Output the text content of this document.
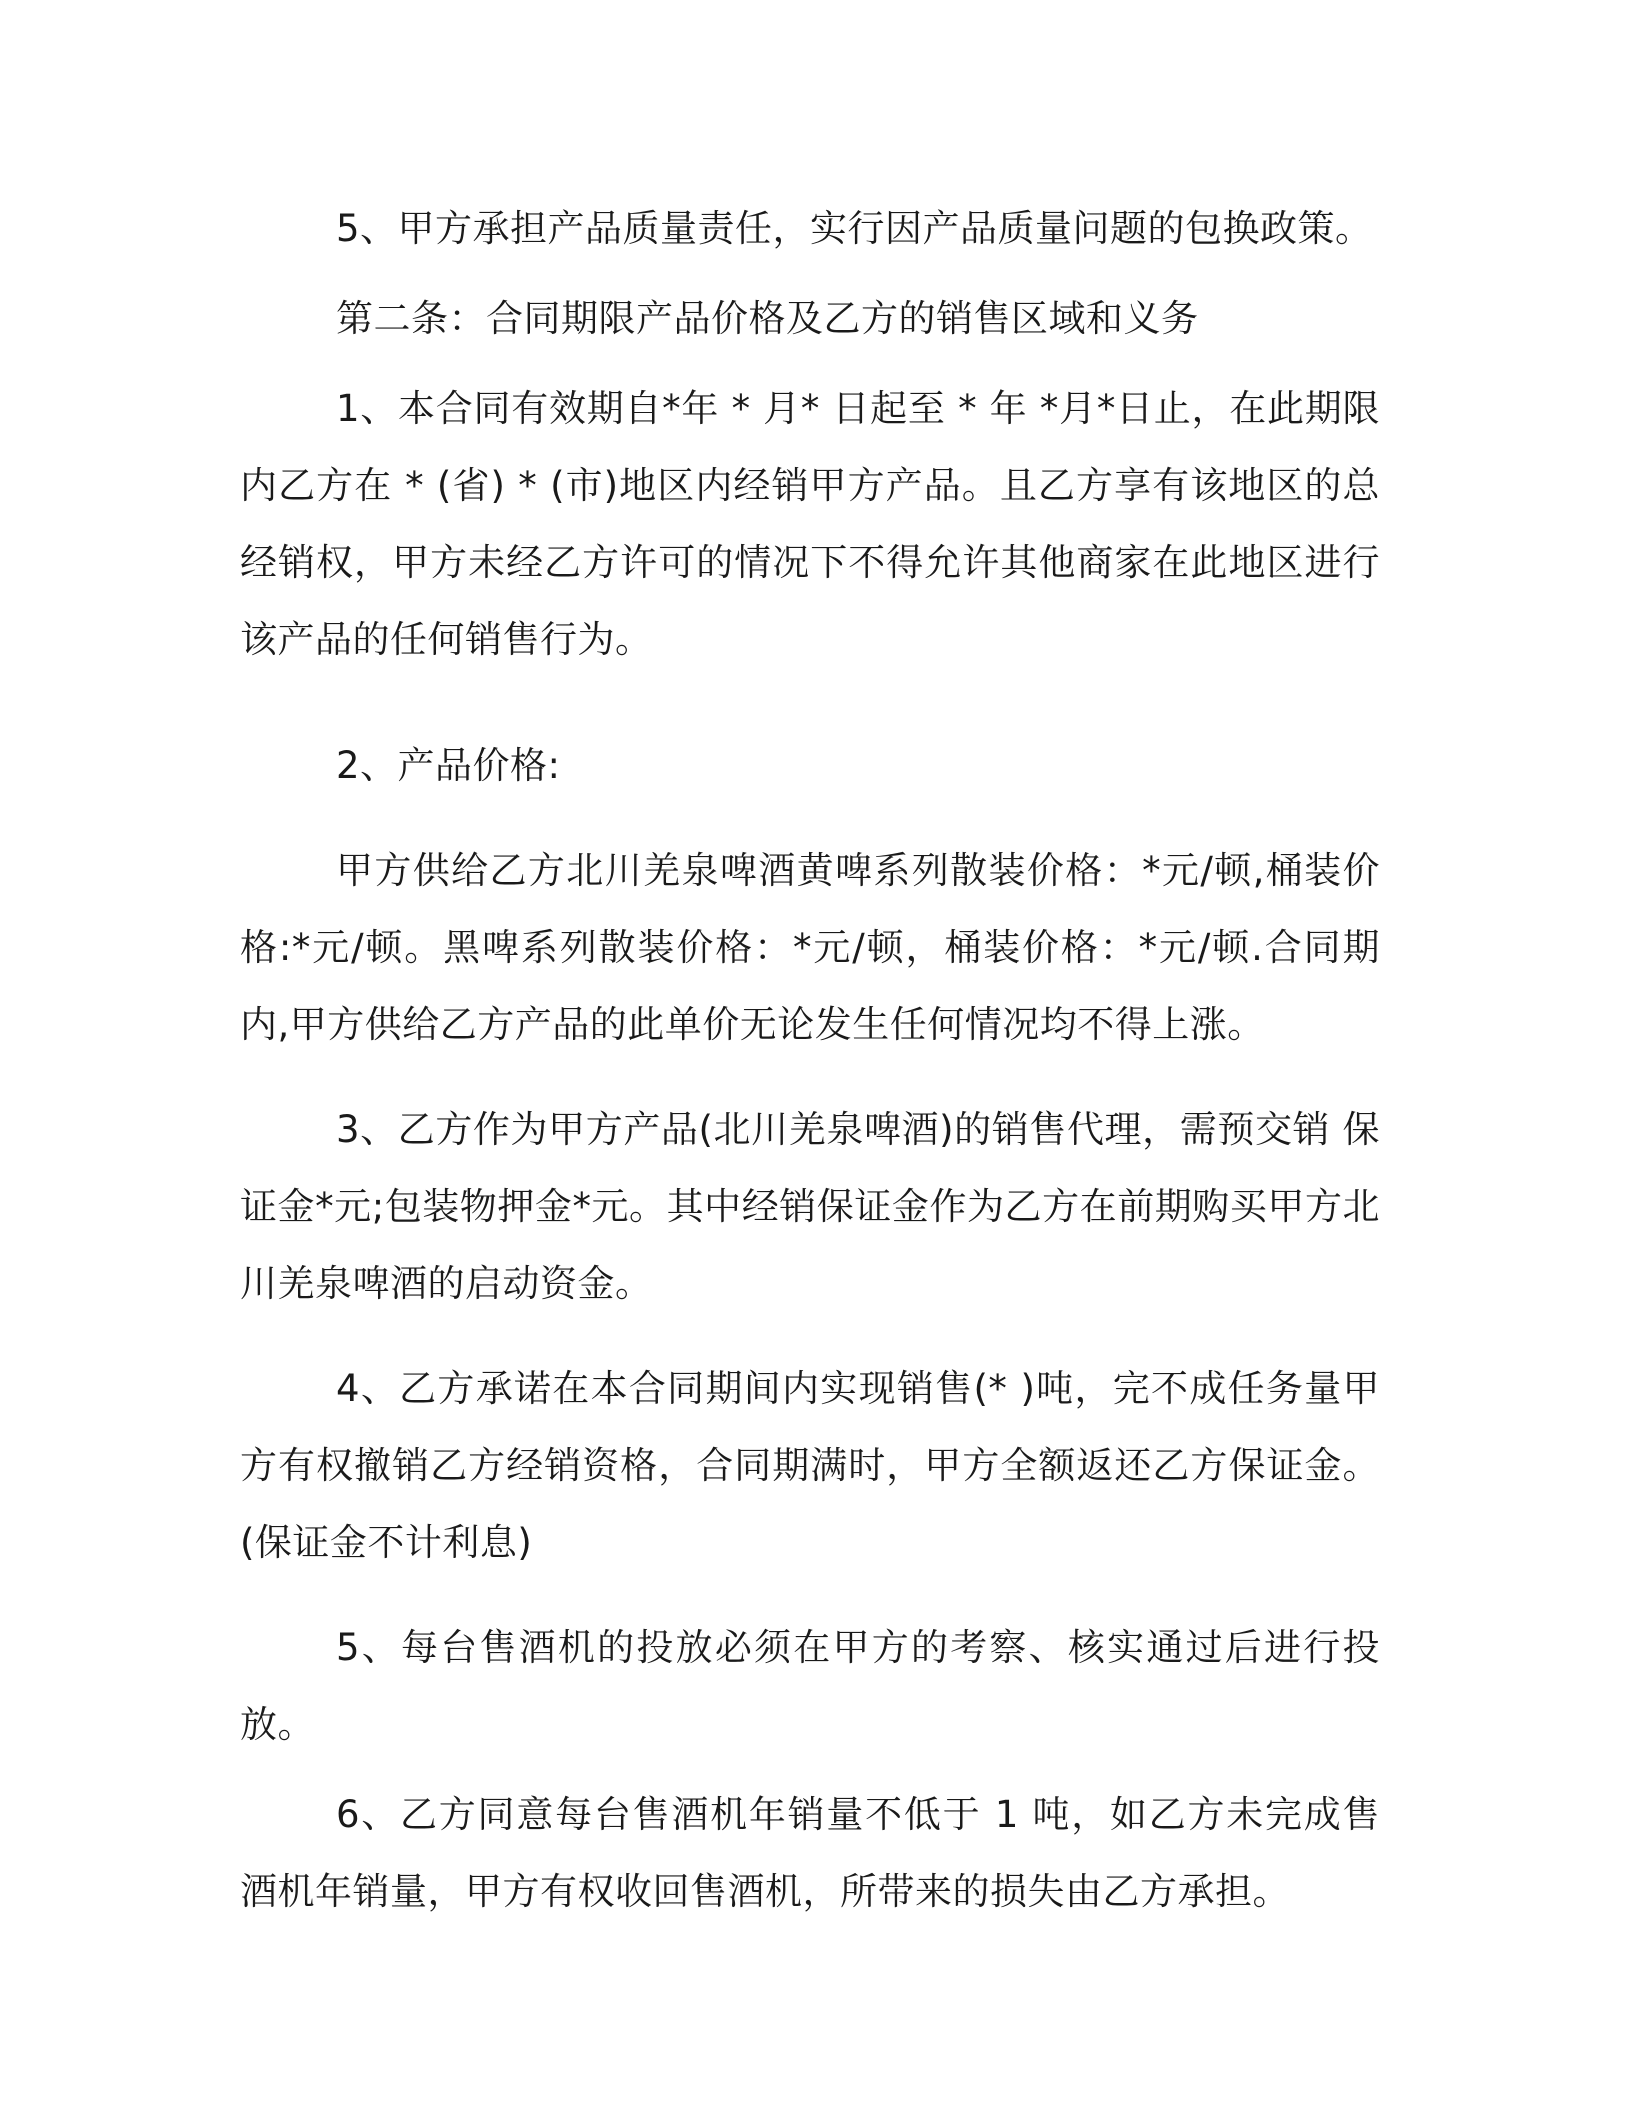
5、甲方承担产品质量责任，实行因产品质量问题的包换政策。

第二条：合同期限产品价格及乙方的销售区域和义务

1、本合同有效期自*年 * 月* 日起至 * 年 *月*日止，在此期限内乙方在 * (省) * (市)地区内经销甲方产品。且乙方享有该地区的总经销权，甲方未经乙方许可的情况下不得允许其他商家在此地区进行该产品的任何销售行为。

2、产品价格:

甲方供给乙方北川羌泉啤酒黄啤系列散装价格：*元/顿,桶装价格:*元/顿。黑啤系列散装价格：*元/顿，桶装价格：*元/顿.合同期内,甲方供给乙方产品的此单价无论发生任何情况均不得上涨。

3、乙方作为甲方产品(北川羌泉啤酒)的销售代理，需预交销 保证金*元;包装物押金*元。其中经销保证金作为乙方在前期购买甲方北川羌泉啤酒的启动资金。

4、乙方承诺在本合同期间内实现销售(* )吨，完不成任务量甲方有权撤销乙方经销资格，合同期满时，甲方全额返还乙方保证金。(保证金不计利息)

5、每台售酒机的投放必须在甲方的考察、核实通过后进行投放。

6、乙方同意每台售酒机年销量不低于 1 吨，如乙方未完成售酒机年销量，甲方有权收回售酒机，所带来的损失由乙方承担。
